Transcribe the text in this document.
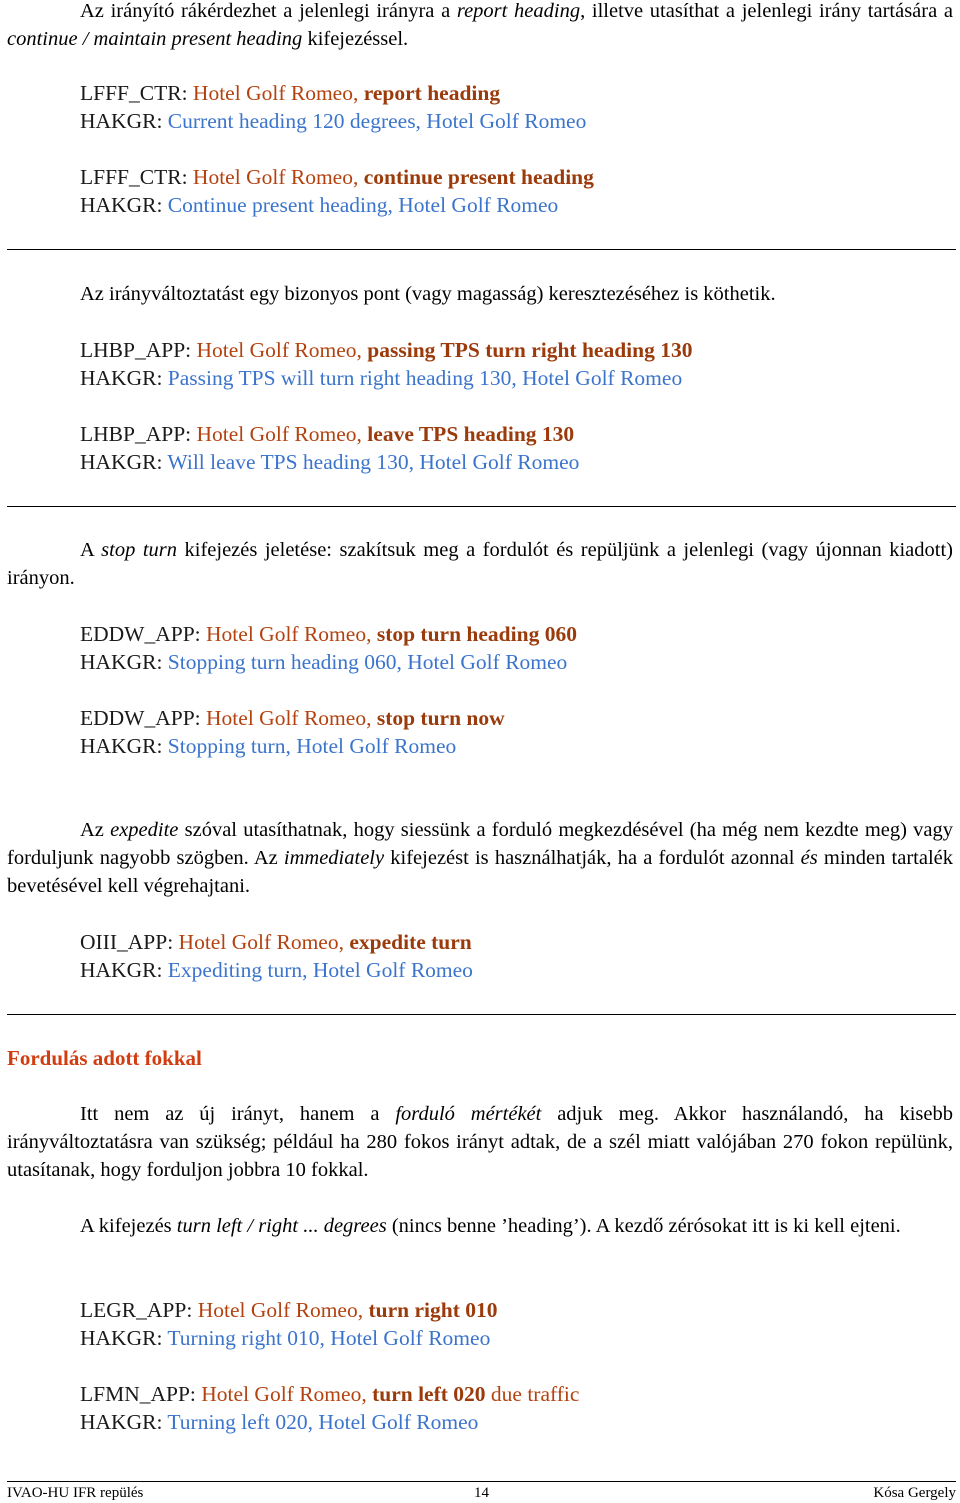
Az irányító rákérdezhet a jelenlegi irányra a report heading, illetve utasíthat a jelenlegi irány tartására a continue / maintain present heading kifejezéssel.
LFFF_CTR: Hotel Golf Romeo, report heading
HAKGR: Current heading 120 degrees, Hotel Golf Romeo
LFFF_CTR: Hotel Golf Romeo, continue present heading
HAKGR: Continue present heading, Hotel Golf Romeo
Az irányváltoztatást egy bizonyos pont (vagy magasság) keresztezéséhez is köthetik.
LHBP_APP: Hotel Golf Romeo, passing TPS turn right heading 130
HAKGR: Passing TPS will turn right heading 130, Hotel Golf Romeo
LHBP_APP: Hotel Golf Romeo, leave TPS heading 130
HAKGR: Will leave TPS heading 130, Hotel Golf Romeo
A stop turn kifejezés jeletése: szakítsuk meg a fordulót és repüljünk a jelenlegi (vagy újonnan kiadott) irányon.
EDDW_APP: Hotel Golf Romeo, stop turn heading 060
HAKGR: Stopping turn heading 060, Hotel Golf Romeo
EDDW_APP: Hotel Golf Romeo, stop turn now
HAKGR: Stopping turn, Hotel Golf Romeo
Az expedite szóval utasíthatnak, hogy siessünk a forduló megkezdésével (ha még nem kezdte meg) vagy forduljunk nagyobb szögben. Az immediately kifejezést is használhatják, ha a fordulót azonnal és minden tartalék bevetésével kell végrehajtani.
OIII_APP: Hotel Golf Romeo, expedite turn
HAKGR: Expediting turn, Hotel Golf Romeo
Fordulás adott fokkal
Itt nem az új irányt, hanem a forduló mértékét adjuk meg. Akkor használandó, ha kisebb irányváltoztatásra van szükség; például ha 280 fokos irányt adtak, de a szél miatt valójában 270 fokon repülünk, utasítanak, hogy forduljon jobbra 10 fokkal.
A kifejezés turn left / right ... degrees (nincs benne ’heading’). A kezdő zérósokat itt is ki kell ejteni.
LEGR_APP: Hotel Golf Romeo, turn right 010
HAKGR: Turning right 010, Hotel Golf Romeo
LFMN_APP: Hotel Golf Romeo, turn left 020 due traffic
HAKGR: Turning left 020, Hotel Golf Romeo
IVAO-HU IFR repülés	14	Kósa Gergely
